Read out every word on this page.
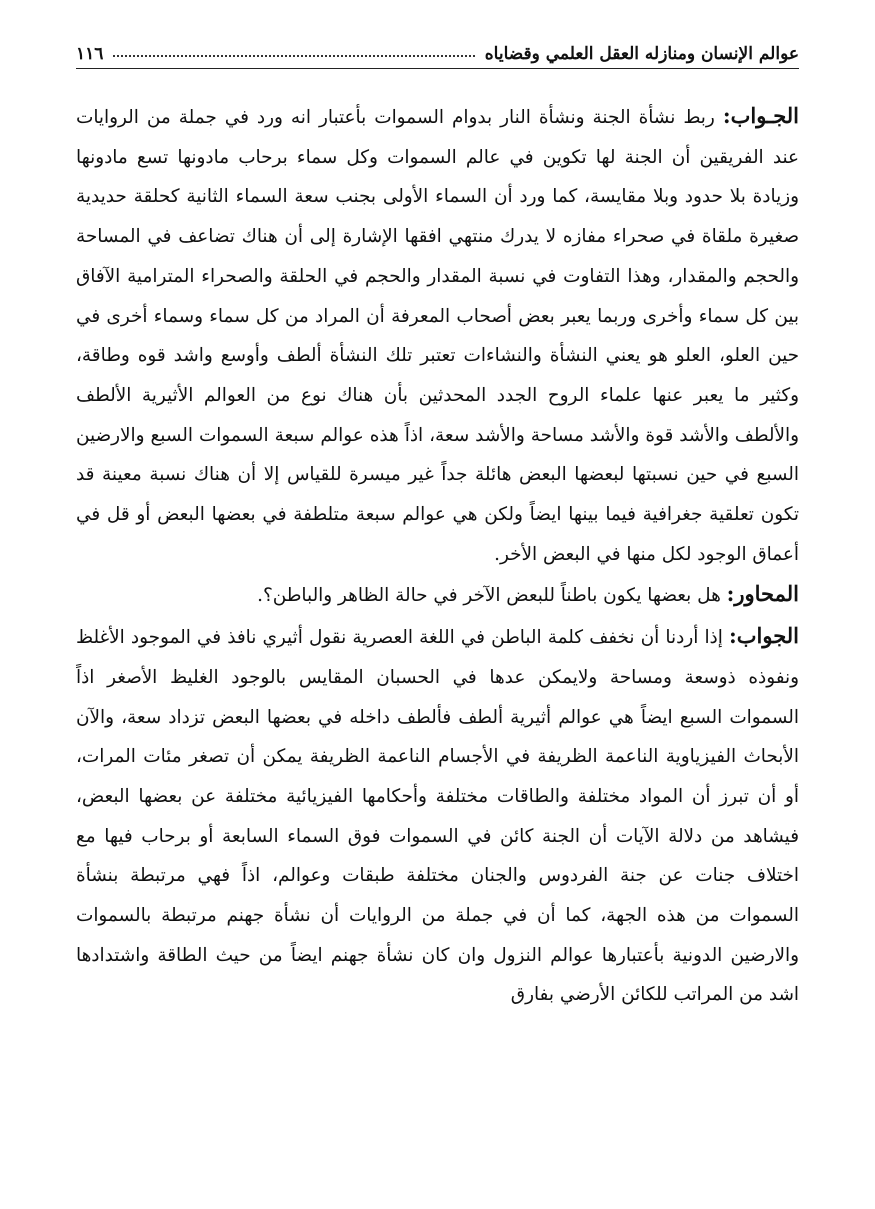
عوالم الإنسان ومنازله العقل العلمي وقضاياه
١١٦

الجـواب: ربط نشأة الجنة ونشأة النار بدوام السموات بأعتبار انه ورد في جملة من الروايات عند الفريقين أن الجنة لها تكوين في عالم السموات وكل سماء برحاب مادونها تسع مادونها وزيادة بلا حدود وبلا مقايسة، كما ورد أن السماء الأولى بجنب سعة السماء الثانية كحلقة حديدية صغيرة ملقاة في صحراء مفازه لا يدرك منتهي افقها الإشارة إلى أن هناك تضاعف في المساحة والحجم والمقدار، وهذا التفاوت في نسبة المقدار والحجم في الحلقة والصحراء المترامية الآفاق بين كل سماء وأخرى وربما يعبر بعض أصحاب المعرفة أن المراد من كل سماء وسماء أخرى في حين العلو، العلو هو يعني النشأة والنشاءات تعتبر تلك النشأة ألطف وأوسع واشد قوه وطاقة، وكثير ما يعبر عنها علماء الروح الجدد المحدثين بأن هناك نوع من العوالم الأثيرية الألطف والألطف والأشد قوة والأشد مساحة والأشد سعة، اذاً هذه عوالم سبعة السموات السبع والارضين السبع في حين نسبتها لبعضها البعض هائلة جداً غير ميسرة للقياس إلا أن هناك نسبة معينة قد تكون تعلقية جغرافية فيما بينها ايضاً ولكن هي عوالم سبعة متلطفة في بعضها البعض أو قل في أعماق الوجود لكل منها في البعض الأخر.

المحاور: هل بعضها يكون باطناً للبعض الآخر في حالة الظاهر والباطن؟.

الجواب: إذا أردنا أن نخفف كلمة الباطن في اللغة العصرية نقول أثيري نافذ في الموجود الأغلظ ونفوذه ذوسعة ومساحة ولايمكن عدها في الحسبان المقايس بالوجود الغليظ الأصغر اذاً السموات السبع ايضاً هي عوالم أثيرية ألطف فألطف داخله في بعضها البعض تزداد سعة، والآن الأبحاث الفيزياوية الناعمة الظريفة في الأجسام الناعمة الظريفة يمكن أن تصغر مئات المرات، أو أن تبرز أن المواد مختلفة والطاقات مختلفة وأحكامها الفيزيائية مختلفة عن بعضها البعض، فيشاهد من دلالة الآيات أن الجنة كائن في السموات فوق السماء السابعة أو برحاب فيها مع اختلاف جنات عن جنة الفردوس والجنان مختلفة طبقات وعوالم، اذاً فهي مرتبطة بنشأة السموات من هذه الجهة، كما أن في جملة من الروايات أن نشأة جهنم مرتبطة بالسموات والارضين الدونية بأعتبارها عوالم النزول وان كان نشأة جهنم ايضاً من حيث الطاقة واشتدادها اشد من المراتب للكائن الأرضي بفارق
